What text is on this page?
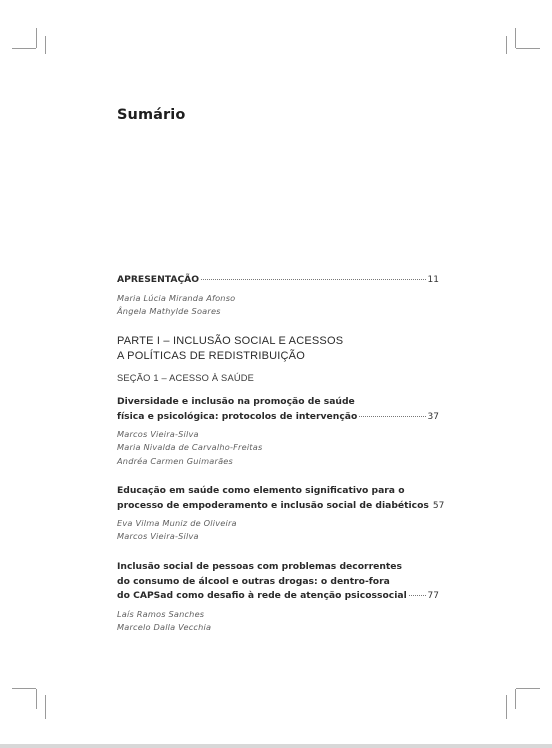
Sumário
APRESENTAÇÃO	11
Maria Lúcia Miranda Afonso
Ângela Mathylde Soares
PARTE I – INCLUSÃO SOCIAL E ACESSOS
A POLÍTICAS DE REDISTRIBUIÇÃO
SEÇÃO 1 – ACESSO À SAÚDE
Diversidade e inclusão na promoção de saúde
física e psicológica: protocolos de intervenção	37
Marcos Vieira-Silva
Maria Nivalda de Carvalho-Freitas
Andréa Carmen Guimarães
Educação em saúde como elemento significativo para o
processo de empoderamento e inclusão social de diabéticos 57
Eva Vilma Muniz de Oliveira
Marcos Vieira-Silva
Inclusão social de pessoas com problemas decorrentes
do consumo de álcool e outras drogas: o dentro-fora
do CAPSad como desafio à rede de atenção psicossocial 77
Laís Ramos Sanches
Marcelo Dalla Vecchia
